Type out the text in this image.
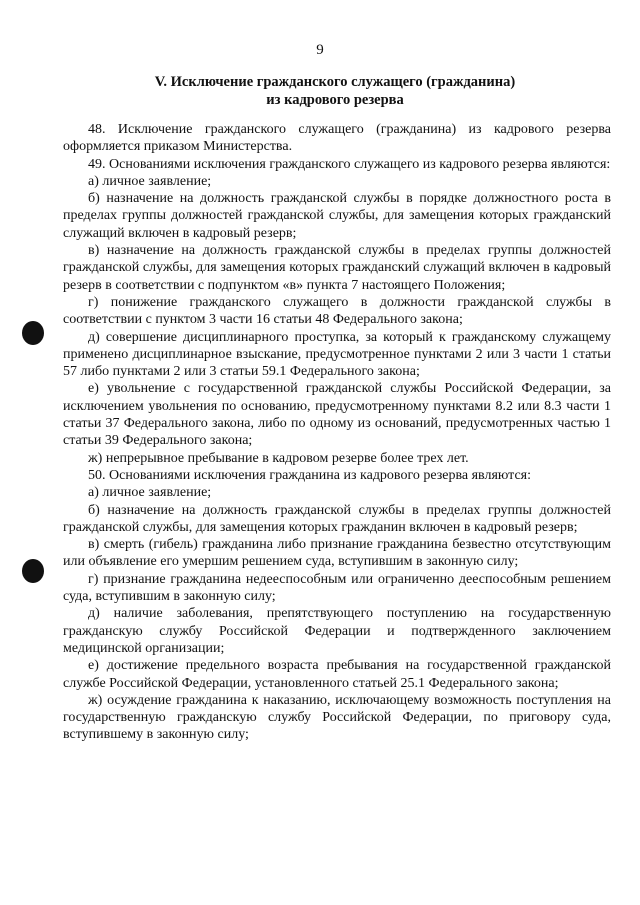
9
V. Исключение гражданского служащего (гражданина)
из кадрового резерва

48. Исключение гражданского служащего (гражданина) из кадрового резерва оформляется приказом Министерства.

49. Основаниями исключения гражданского служащего из кадрового резерва являются:

а) личное заявление;

б) назначение на должность гражданской службы в порядке должностного роста в пределах группы должностей гражданской службы, для замещения которых гражданский служащий включен в кадровый резерв;

в) назначение на должность гражданской службы в пределах группы должностей гражданской службы, для замещения которых гражданский служащий включен в кадровый резерв в соответствии с подпунктом «в» пункта 7 настоящего Положения;

г) понижение гражданского служащего в должности гражданской службы в соответствии с пунктом 3 части 16 статьи 48 Федерального закона;

д) совершение дисциплинарного проступка, за который к гражданскому служащему применено дисциплинарное взыскание, предусмотренное пунктами 2 или 3 части 1 статьи 57 либо пунктами 2 или 3 статьи 59.1 Федерального закона;

е) увольнение с государственной гражданской службы Российской Федерации, за исключением увольнения по основанию, предусмотренному пунктами 8.2 или 8.3 части 1 статьи 37 Федерального закона, либо по одному из оснований, предусмотренных частью 1 статьи 39 Федерального закона;

ж) непрерывное пребывание в кадровом резерве более трех лет.

50. Основаниями исключения гражданина из кадрового резерва являются:

а) личное заявление;

б) назначение на должность гражданской службы в пределах группы должностей гражданской службы, для замещения которых гражданин включен в кадровый резерв;

в) смерть (гибель) гражданина либо признание гражданина безвестно отсутствующим или объявление его умершим решением суда, вступившим в законную силу;

г) признание гражданина недееспособным или ограниченно дееспособным решением суда, вступившим в законную силу;

д) наличие заболевания, препятствующего поступлению на государственную гражданскую службу Российской Федерации и подтвержденного заключением медицинской организации;

е) достижение предельного возраста пребывания на государственной гражданской службе Российской Федерации, установленного статьей 25.1 Федерального закона;

ж) осуждение гражданина к наказанию, исключающему возможность поступления на государственную гражданскую службу Российской Федерации, по приговору суда, вступившему в законную силу;
